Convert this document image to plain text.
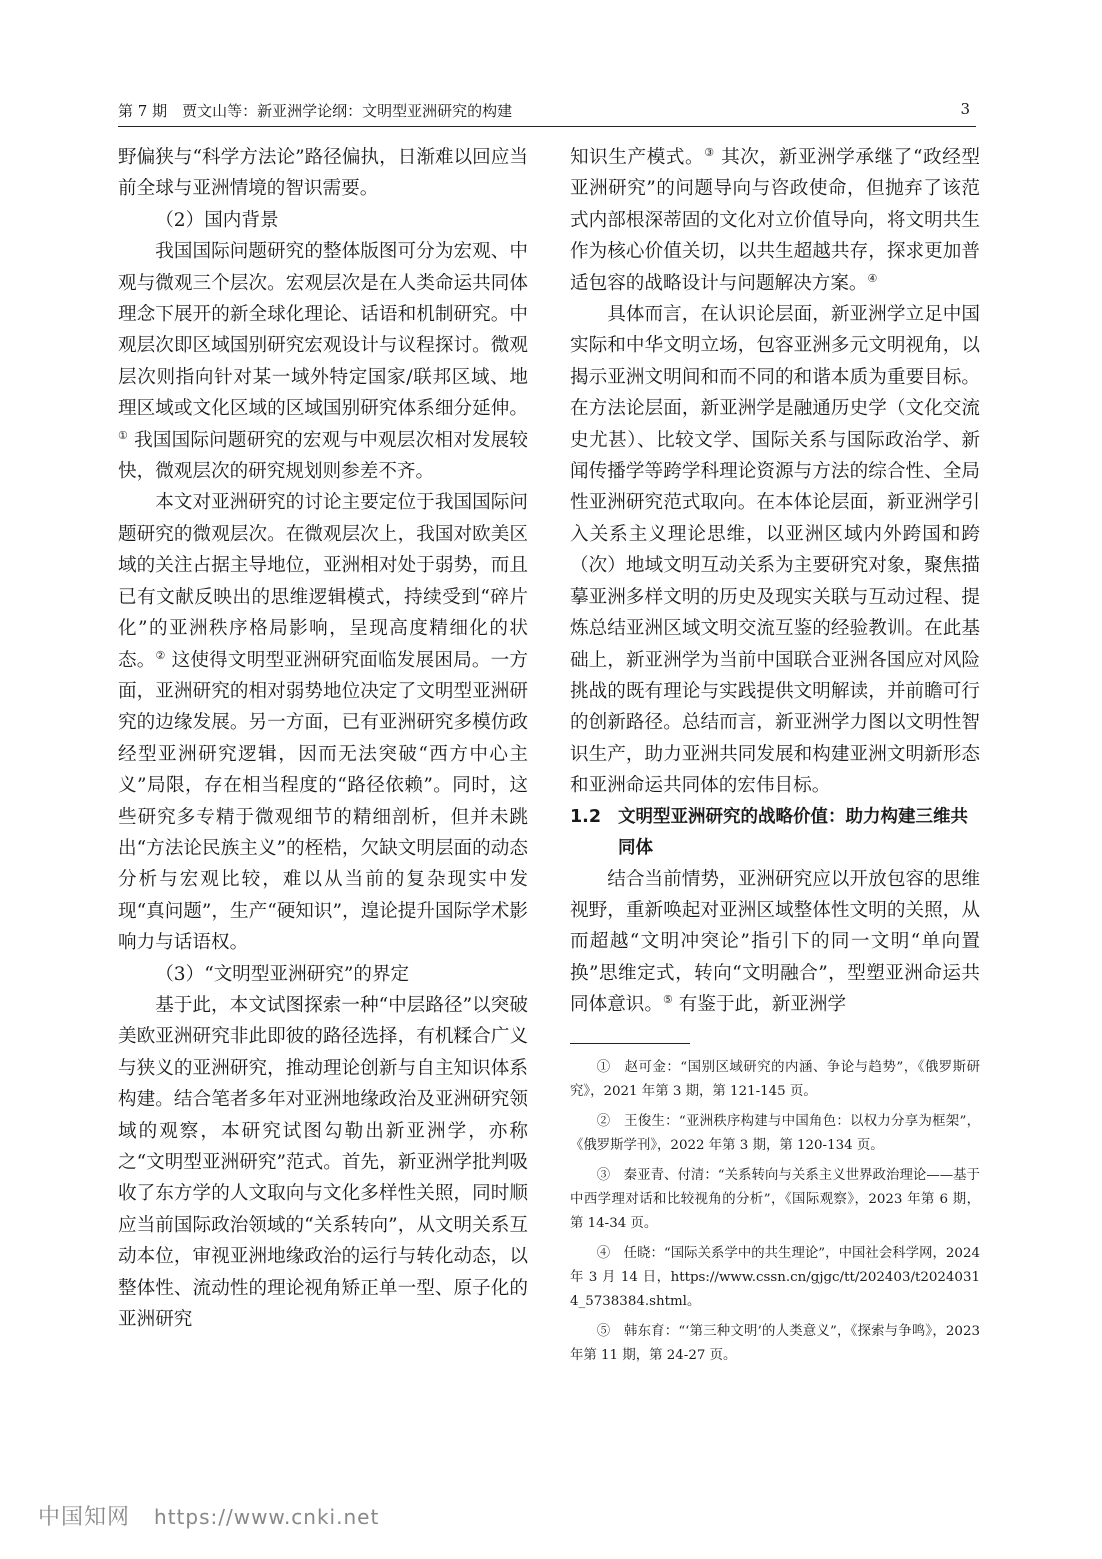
第 7 期　贾文山等：新亚洲学论纲：文明型亚洲研究的构建	3

野偏狭与“科学方法论”路径偏执，日渐难以回应当前全球与亚洲情境的智识需要。

（2）国内背景

我国国际问题研究的整体版图可分为宏观、中观与微观三个层次。宏观层次是在人类命运共同体理念下展开的新全球化理论、话语和机制研究。中观层次即区域国别研究宏观设计与议程探讨。微观层次则指向针对某一域外特定国家/联邦区域、地理区域或文化区域的区域国别研究体系细分延伸。① 我国国际问题研究的宏观与中观层次相对发展较快，微观层次的研究规划则参差不齐。

本文对亚洲研究的讨论主要定位于我国国际问题研究的微观层次。在微观层次上，我国对欧美区域的关注占据主导地位，亚洲相对处于弱势，而且已有文献反映出的思维逻辑模式，持续受到“碎片化”的亚洲秩序格局影响，呈现高度精细化的状态。② 这使得文明型亚洲研究面临发展困局。一方面，亚洲研究的相对弱势地位决定了文明型亚洲研究的边缘发展。另一方面，已有亚洲研究多模仿政经型亚洲研究逻辑，因而无法突破“西方中心主义”局限，存在相当程度的“路径依赖”。同时，这些研究多专精于微观细节的精细剖析，但并未跳出“方法论民族主义”的桎梏，欠缺文明层面的动态分析与宏观比较，难以从当前的复杂现实中发现“真问题”，生产“硬知识”，遑论提升国际学术影响力与话语权。

（3）“文明型亚洲研究”的界定

基于此，本文试图探索一种“中层路径”以突破美欧亚洲研究非此即彼的路径选择，有机糅合广义与狭义的亚洲研究，推动理论创新与自主知识体系构建。结合笔者多年对亚洲地缘政治及亚洲研究领域的观察，本研究试图勾勒出新亚洲学，亦称之“文明型亚洲研究”范式。首先，新亚洲学批判吸收了东方学的人文取向与文化多样性关照，同时顺应当前国际政治领域的“关系转向”，从文明关系互动本位，审视亚洲地缘政治的运行与转化动态，以整体性、流动性的理论视角矫正单一型、原子化的亚洲研究

知识生产模式。③ 其次，新亚洲学承继了“政经型亚洲研究”的问题导向与咨政使命，但抛弃了该范式内部根深蒂固的文化对立价值导向，将文明共生作为核心价值关切，以共生超越共存，探求更加普适包容的战略设计与问题解决方案。④

具体而言，在认识论层面，新亚洲学立足中国实际和中华文明立场，包容亚洲多元文明视角，以揭示亚洲文明间和而不同的和谐本质为重要目标。在方法论层面，新亚洲学是融通历史学（文化交流史尤甚）、比较文学、国际关系与国际政治学、新闻传播学等跨学科理论资源与方法的综合性、全局性亚洲研究范式取向。在本体论层面，新亚洲学引入关系主义理论思维，以亚洲区域内外跨国和跨（次）地域文明互动关系为主要研究对象，聚焦描摹亚洲多样文明的历史及现实关联与互动过程、提炼总结亚洲区域文明交流互鉴的经验教训。在此基础上，新亚洲学为当前中国联合亚洲各国应对风险挑战的既有理论与实践提供文明解读，并前瞻可行的创新路径。总结而言，新亚洲学力图以文明性智识生产，助力亚洲共同发展和构建亚洲文明新形态和亚洲命运共同体的宏伟目标。

1.2 文明型亚洲研究的战略价值：助力构建三维共同体

结合当前情势，亚洲研究应以开放包容的思维视野，重新唤起对亚洲区域整体性文明的关照，从而超越“文明冲突论”指引下的同一文明“单向置换”思维定式，转向“文明融合”，型塑亚洲命运共同体意识。⑤ 有鉴于此，新亚洲学

①　赵可金：“国别区域研究的内涵、争论与趋势”，《俄罗斯研究》，2021 年第 3 期，第 121-145 页。

②　王俊生：“亚洲秩序构建与中国角色：以权力分享为框架”，《俄罗斯学刊》，2022 年第 3 期，第 120-134 页。

③　秦亚青、付清：“关系转向与关系主义世界政治理论——基于中西学理对话和比较视角的分析”，《国际观察》，2023 年第 6 期，第 14-34 页。

④　任晓：“国际关系学中的共生理论”，中国社会科学网，2024 年 3 月 14 日，https://www.cssn.cn/gjgc/tt/202403/t20240314_5738384.shtml。

⑤　韩东育：“‘第三种文明’的人类意义”，《探索与争鸣》，2023 年第 11 期，第 24-27 页。

中国知网 https://www.cnki.net
